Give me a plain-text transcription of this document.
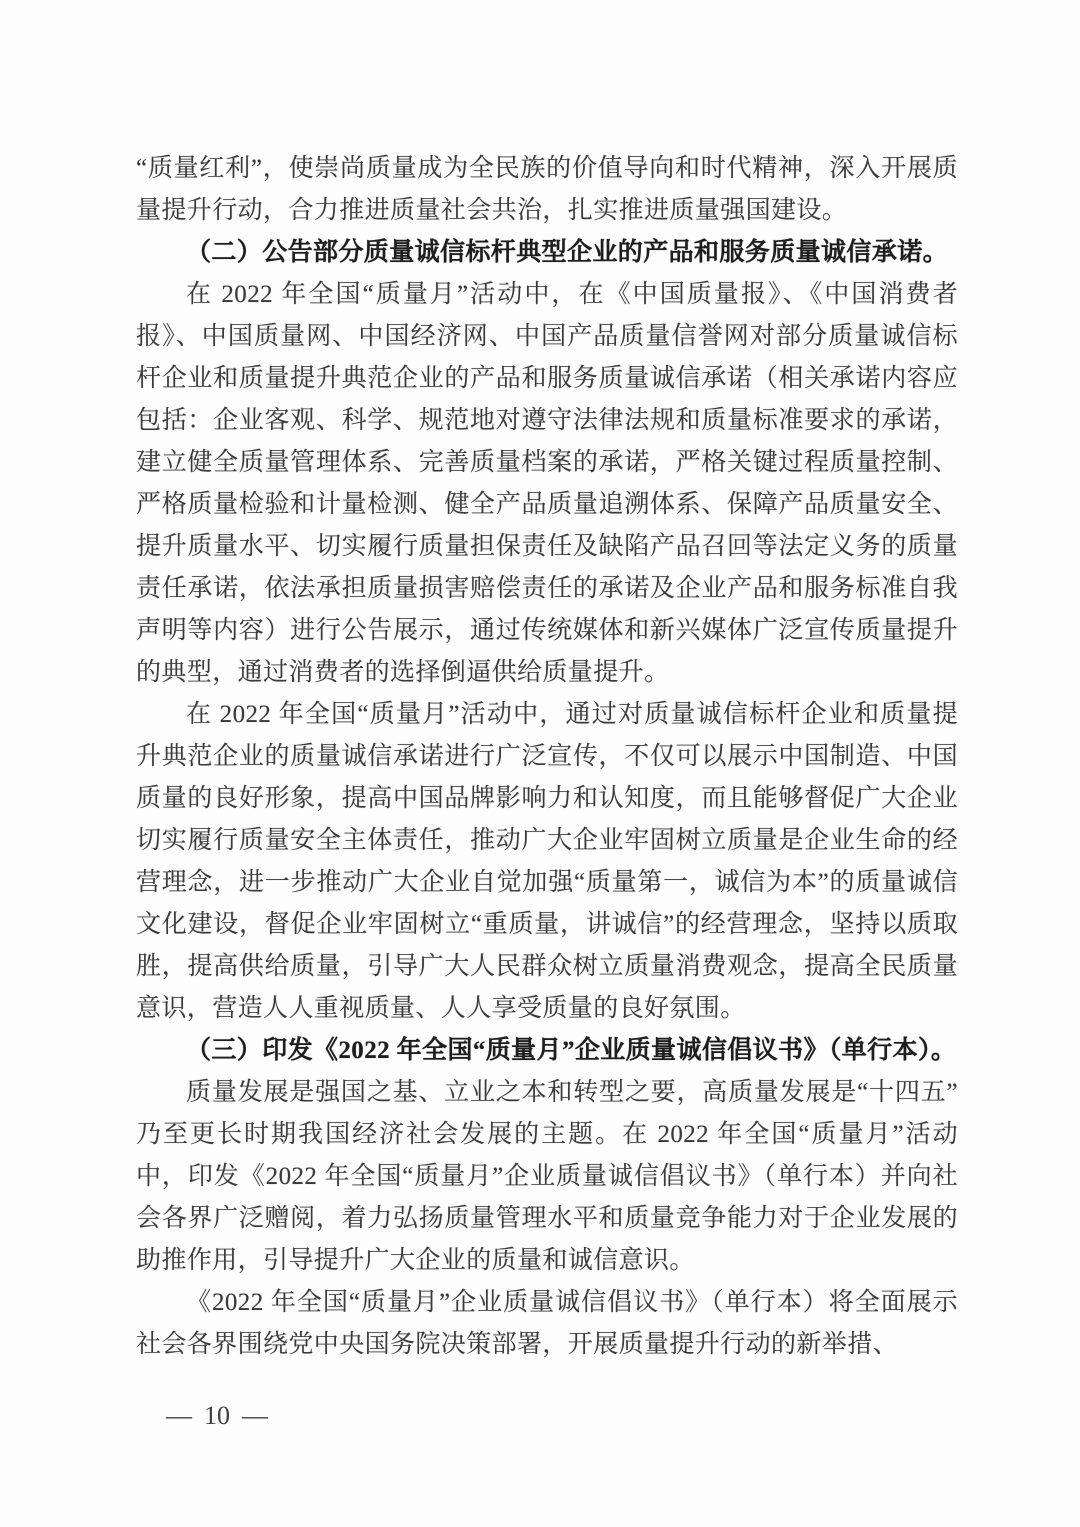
“质量红利”，使崇尚质量成为全民族的价值导向和时代精神，深入开展质量提升行动，合力推进质量社会共治，扎实推进质量强国建设。

（二）公告部分质量诚信标杆典型企业的产品和服务质量诚信承诺。

在 2022 年全国“质量月”活动中，在《中国质量报》、《中国消费者报》、中国质量网、中国经济网、中国产品质量信誉网对部分质量诚信标杆企业和质量提升典范企业的产品和服务质量诚信承诺（相关承诺内容应包括：企业客观、科学、规范地对遵守法律法规和质量标准要求的承诺，建立健全质量管理体系、完善质量档案的承诺，严格关键过程质量控制、严格质量检验和计量检测、健全产品质量追溯体系、保障产品质量安全、提升质量水平、切实履行质量担保责任及缺陷产品召回等法定义务的质量责任承诺，依法承担质量损害赔偿责任的承诺及企业产品和服务标准自我声明等内容）进行公告展示，通过传统媒体和新兴媒体广泛宣传质量提升的典型，通过消费者的选择倒逼供给质量提升。

在 2022 年全国“质量月”活动中，通过对质量诚信标杆企业和质量提升典范企业的质量诚信承诺进行广泛宣传，不仅可以展示中国制造、中国质量的良好形象，提高中国品牌影响力和认知度，而且能够督促广大企业切实履行质量安全主体责任，推动广大企业牢固树立质量是企业生命的经营理念，进一步推动广大企业自觉加强“质量第一，诚信为本”的质量诚信文化建设，督促企业牢固树立“重质量，讲诚信”的经营理念，坚持以质取胜，提高供给质量，引导广大人民群众树立质量消费观念，提高全民质量意识，营造人人重视质量、人人享受质量的良好氛围。

（三）印发《2022 年全国“质量月”企业质量诚信倡议书》（单行本）。

质量发展是强国之基、立业之本和转型之要，高质量发展是“十四五”乃至更长时期我国经济社会发展的主题。在 2022 年全国“质量月”活动中，印发《2022 年全国“质量月”企业质量诚信倡议书》（单行本）并向社会各界广泛赠阅，着力弘扬质量管理水平和质量竞争能力对于企业发展的助推作用，引导提升广大企业的质量和诚信意识。

《2022 年全国“质量月”企业质量诚信倡议书》（单行本）将全面展示社会各界围绕党中央国务院决策部署，开展质量提升行动的新举措、

— 10 —
